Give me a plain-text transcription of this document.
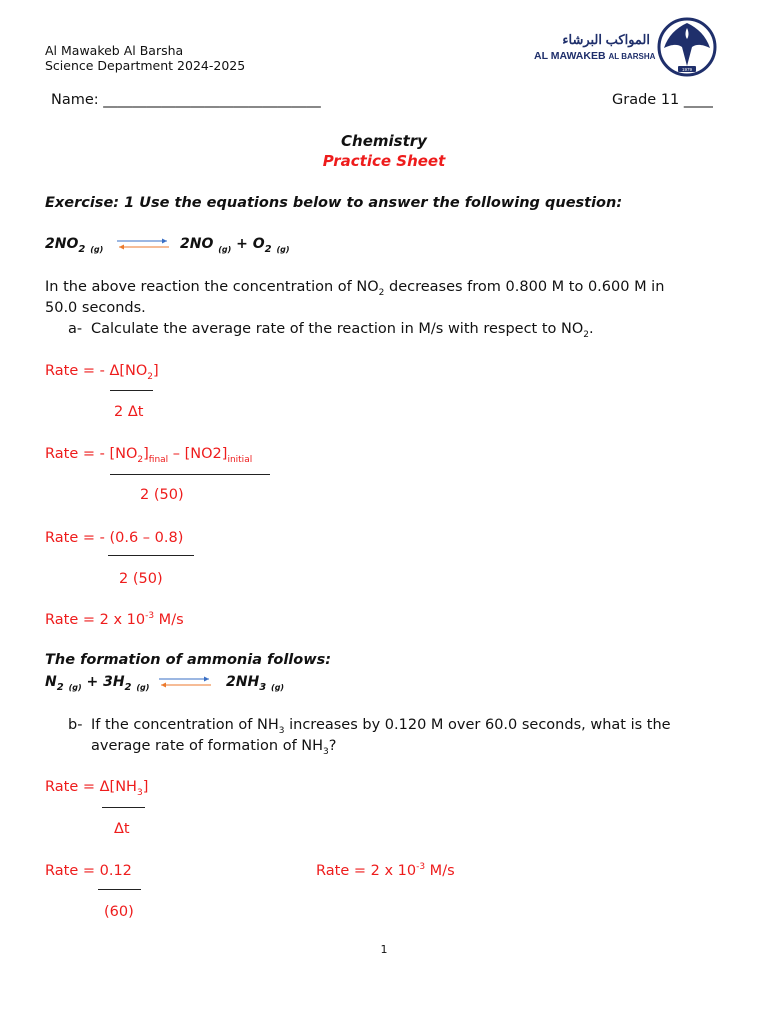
Al Mawakeb Al Barsha
Science Department 2024-2025
المواكب البرشاء
AL MAWAKEB AL BARSHA
1979
Name: ______________________________	Grade 11 ____
Chemistry
Practice Sheet
Exercise: 1 Use the equations below to answer the following question:
$2NO_2$ $_{(g)}$ ⇌ 2NO $_{(g)} + O_2$ $_{(g)}$
In the above reaction the concentration of $NO_2$ decreases from 0.800 M to 0.600 M in
50.0 seconds.
a- Calculate the average rate of the reaction in M/s with respect to $NO_2$.
Rate = - $\Delta[NO_2]$
2 Δt
Rate = - $[NO_2]_{final} - [NO2]_{initial}$
2 (50)
Rate = - (0.6 – 0.8)
2 (50)
Rate = 2 x $10^{-3}$ M/s
The formation of ammonia follows:
$N_2$ $_{(g)} + 3H_2$ $_{(g)}$ ⇌ $2NH_3$ $_{(g)}$
b- If the concentration of $NH_3$ increases by 0.120 M over 60.0 seconds, what is the
average rate of formation of $NH_3$?
Rate = $\Delta[NH_3]$
Δt
Rate = 0.12
(60)
Rate = 2 x $10^{-3}$ M/s
1
